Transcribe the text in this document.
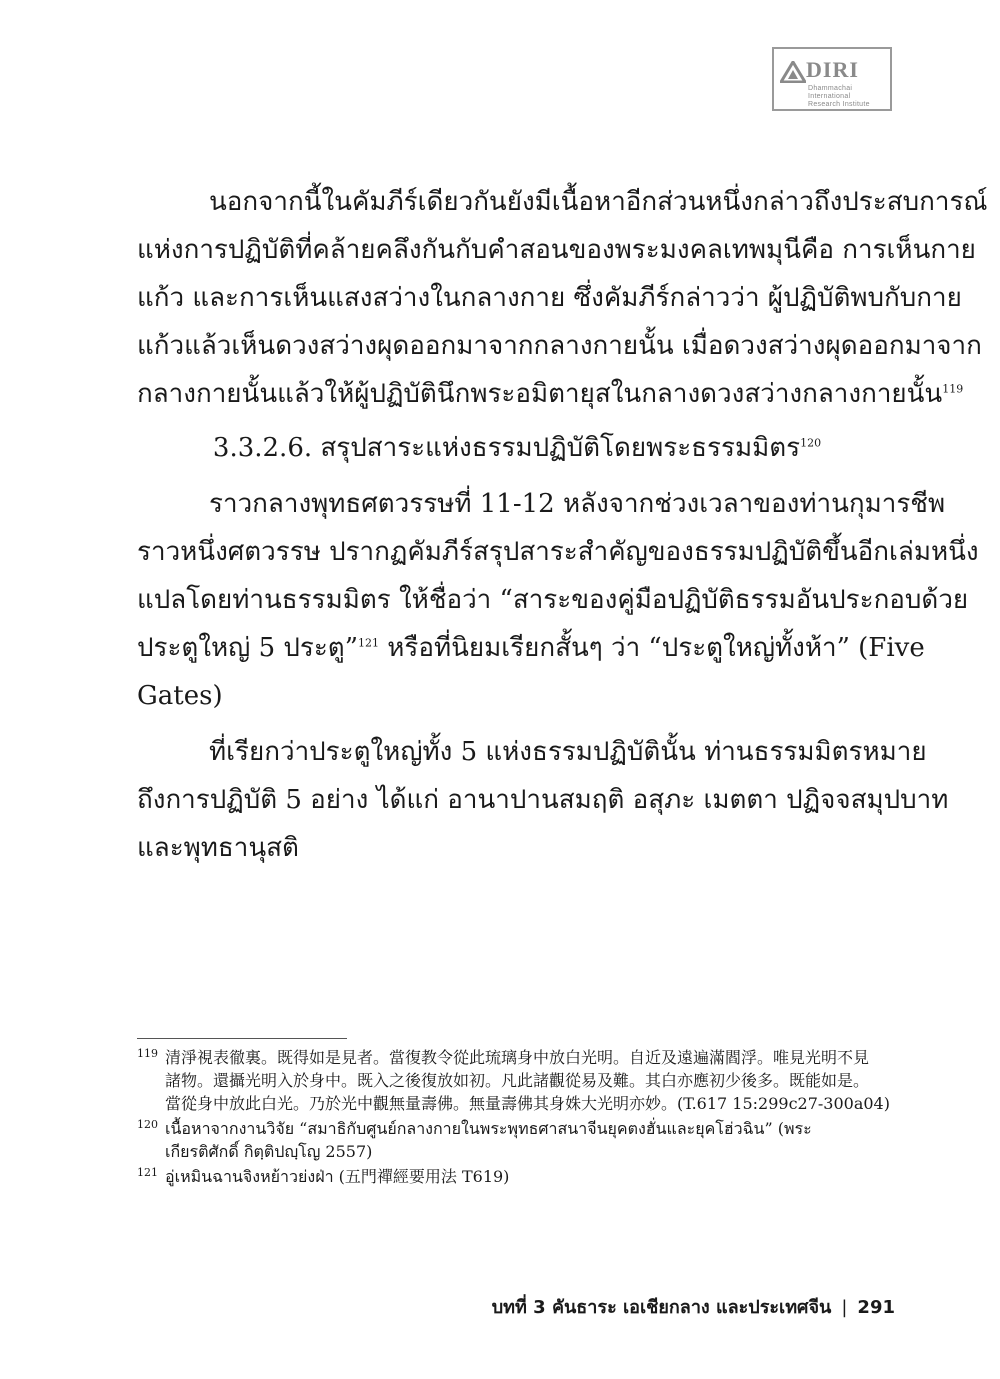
DIRI
Dhammachai International
Research Institute

นอกจากนี้ในคัมภีร์เดียวกันยังมีเนื้อหาอีกส่วนหนึ่งกล่าวถึงประสบการณ์
แห่งการปฏิบัติที่คล้ายคลึงกันกับคำสอนของพระมงคลเทพมุนีคือ การเห็นกาย
แก้ว และการเห็นแสงสว่างในกลางกาย ซึ่งคัมภีร์กล่าวว่า ผู้ปฏิบัติพบกับกาย
แก้วแล้วเห็นดวงสว่างผุดออกมาจากกลางกายนั้น เมื่อดวงสว่างผุดออกมาจาก
กลางกายนั้นแล้วให้ผู้ปฏิบัตินึกพระอมิตายุสในกลางดวงสว่างกลางกายนั้น$^{119}$

3.3.2.6. สรุปสาระแห่งธรรมปฏิบัติโดยพระธรรมมิตร$^{120}$

ราวกลางพุทธศตวรรษที่ 11-12 หลังจากช่วงเวลาของท่านกุมารชีพ
ราวหนึ่งศตวรรษ ปรากฏคัมภีร์สรุปสาระสำคัญของธรรมปฏิบัติขึ้นอีกเล่มหนึ่ง
แปลโดยท่านธรรมมิตร ให้ชื่อว่า “สาระของคู่มือปฏิบัติธรรมอันประกอบด้วย
ประตูใหญ่ 5 ประตู”$^{121}$ หรือที่นิยมเรียกสั้นๆ ว่า “ประตูใหญ่ทั้งห้า” (Five
Gates)

ที่เรียกว่าประตูใหญ่ทั้ง 5 แห่งธรรมปฏิบัตินั้น ท่านธรรมมิตรหมาย
ถึงการปฏิบัติ 5 อย่าง ได้แก่ อานาปานสมฤติ อสุภะ เมตตา ปฏิจจสมุปบาท
และพุทธานุสติ

119 清淨視表徹裏。既得如是見者。當復教令從此琉璃身中放白光明。自近及遠遍滿閻浮。唯見光明不見
諸物。還攝光明入於身中。既入之後復放如初。凡此諸觀從易及難。其白亦應初少後多。既能如是。
當從身中放此白光。乃於光中觀無量壽佛。無量壽佛其身姝大光明亦妙。(T.617 15:299c27-300a04)
120 เนื้อหาจากงานวิจัย “สมาธิกับศูนย์กลางกายในพระพุทธศาสนาจีนยุคตงฮั่นและยุคโฮ่วฉิน” (พระ
เกียรติศักดิ์ กิตฺติปญฺโญ 2557)
121 อู่เหมินฉานจิงหย้าวย่งฝ่า (五門禪經要用法 T619)
บทที่ 3 คันธาระ เอเชียกลาง และประเทศจีน | 291
